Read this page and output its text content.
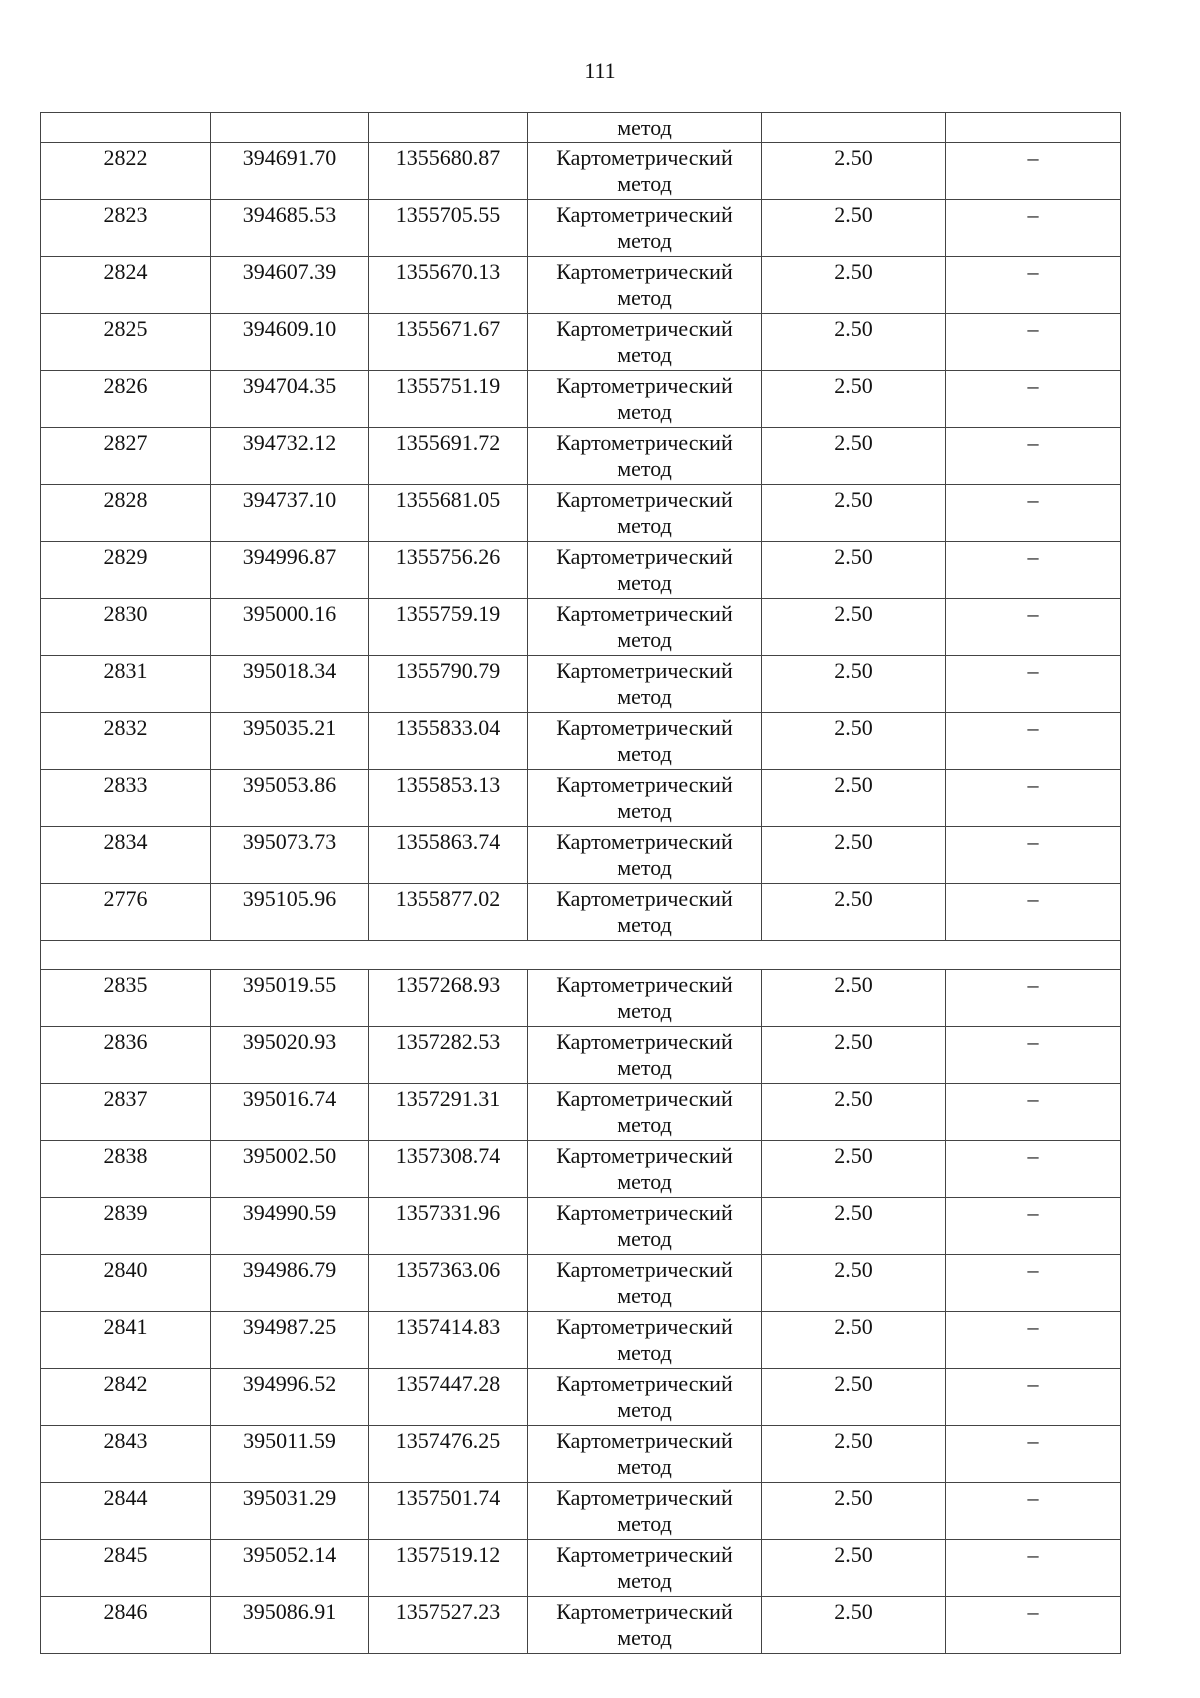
111
			метод		
2822	394691.70	1355680.87	Картометрический
метод	2.50	–
2823	394685.53	1355705.55	Картометрический
метод	2.50	–
2824	394607.39	1355670.13	Картометрический
метод	2.50	–
2825	394609.10	1355671.67	Картометрический
метод	2.50	–
2826	394704.35	1355751.19	Картометрический
метод	2.50	–
2827	394732.12	1355691.72	Картометрический
метод	2.50	–
2828	394737.10	1355681.05	Картометрический
метод	2.50	–
2829	394996.87	1355756.26	Картометрический
метод	2.50	–
2830	395000.16	1355759.19	Картометрический
метод	2.50	–
2831	395018.34	1355790.79	Картометрический
метод	2.50	–
2832	395035.21	1355833.04	Картометрический
метод	2.50	–
2833	395053.86	1355853.13	Картометрический
метод	2.50	–
2834	395073.73	1355863.74	Картометрический
метод	2.50	–
2776	395105.96	1355877.02	Картометрический
метод	2.50	–

2835	395019.55	1357268.93	Картометрический
метод	2.50	–
2836	395020.93	1357282.53	Картометрический
метод	2.50	–
2837	395016.74	1357291.31	Картометрический
метод	2.50	–
2838	395002.50	1357308.74	Картометрический
метод	2.50	–
2839	394990.59	1357331.96	Картометрический
метод	2.50	–
2840	394986.79	1357363.06	Картометрический
метод	2.50	–
2841	394987.25	1357414.83	Картометрический
метод	2.50	–
2842	394996.52	1357447.28	Картометрический
метод	2.50	–
2843	395011.59	1357476.25	Картометрический
метод	2.50	–
2844	395031.29	1357501.74	Картометрический
метод	2.50	–
2845	395052.14	1357519.12	Картометрический
метод	2.50	–
2846	395086.91	1357527.23	Картометрический
метод	2.50	–
